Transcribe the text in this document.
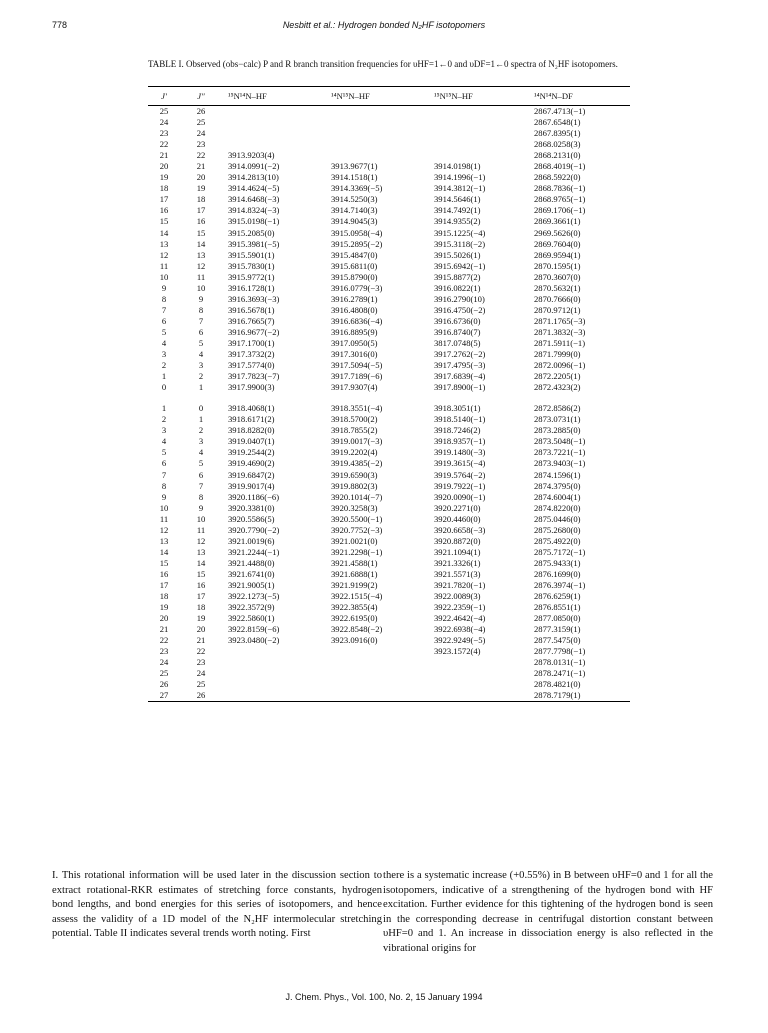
778	Nesbitt et al.: Hydrogen bonded N₂HF isotopomers
TABLE I. Observed (obs−calc) P and R branch transition frequencies for υHF=1←0 and υDF=1←0 spectra of N₂HF isotopomers.
J′	J″	¹⁵N¹⁴N–HF	¹⁴N¹⁵N–HF	¹⁵N¹⁵N–HF	¹⁴N¹⁴N–DF
25	26				2867.4713(−1)
24	25				2867.6548(1)
23	24				2867.8395(1)
22	23				2868.0258(3)
21	22	3913.9203(4)			2868.2131(0)
20	21	3914.0991(−2)	3913.9677(1)	3914.0198(1)	2868.4019(−1)
19	20	3914.2813(10)	3914.1518(1)	3914.1996(−1)	2868.5922(0)
18	19	3914.4624(−5)	3914.3369(−5)	3914.3812(−1)	2868.7836(−1)
17	18	3914.6468(−3)	3914.5250(3)	3914.5646(1)	2868.9765(−1)
16	17	3914.8324(−3)	3914.7140(3)	3914.7492(1)	2869.1706(−1)
15	16	3915.0198(−1)	3914.9045(3)	3914.9355(2)	2869.3661(1)
14	15	3915.2085(0)	3915.0958(−4)	3915.1225(−4)	2969.5626(0)
13	14	3915.3981(−5)	3915.2895(−2)	3915.3118(−2)	2869.7604(0)
12	13	3915.5901(1)	3915.4847(0)	3915.5026(1)	2869.9594(1)
11	12	3915.7830(1)	3915.6811(0)	3915.6942(−1)	2870.1595(1)
10	11	3915.9772(1)	3915.8790(0)	3915.8877(2)	2870.3607(0)
9	10	3916.1728(1)	3916.0779(−3)	3916.0822(1)	2870.5632(1)
8	9	3916.3693(−3)	3916.2789(1)	3916.2790(10)	2870.7666(0)
7	8	3916.5678(1)	3916.4808(0)	3916.4750(−2)	2870.9712(1)
6	7	3916.7665(7)	3916.6836(−4)	3916.6736(0)	2871.1765(−3)
5	6	3916.9677(−2)	3916.8895(9)	3916.8740(7)	2871.3832(−3)
4	5	3917.1700(1)	3917.0950(5)	3817.0748(5)	2871.5911(−1)
3	4	3917.3732(2)	3917.3016(0)	3917.2762(−2)	2871.7999(0)
2	3	3917.5774(0)	3917.5094(−5)	3917.4795(−3)	2872.0096(−1)
1	2	3917.7823(−7)	3917.7189(−6)	3917.6839(−4)	2872.2205(1)
0	1	3917.9900(3)	3917.9307(4)	3917.8900(−1)	2872.4323(2)

1	0	3918.4068(1)	3918.3551(−4)	3918.3051(1)	2872.8586(2)
2	1	3918.6171(2)	3918.5700(2)	3918.5140(−1)	2873.0731(1)
3	2	3918.8282(0)	3918.7855(2)	3918.7246(2)	2873.2885(0)
4	3	3919.0407(1)	3919.0017(−3)	3918.9357(−1)	2873.5048(−1)
5	4	3919.2544(2)	3919.2202(4)	3919.1480(−3)	2873.7221(−1)
6	5	3919.4690(2)	3919.4385(−2)	3919.3615(−4)	2873.9403(−1)
7	6	3919.6847(2)	3919.6590(3)	3919.5764(−2)	2874.1596(1)
8	7	3919.9017(4)	3919.8802(3)	3919.7922(−1)	2874.3795(0)
9	8	3920.1186(−6)	3920.1014(−7)	3920.0090(−1)	2874.6004(1)
10	9	3920.3381(0)	3920.3258(3)	3920.2271(0)	2874.8220(0)
11	10	3920.5586(5)	3920.5500(−1)	3920.4460(0)	2875.0446(0)
12	11	3920.7790(−2)	3920.7752(−3)	3920.6658(−3)	2875.2680(0)
13	12	3921.0019(6)	3921.0021(0)	3920.8872(0)	2875.4922(0)
14	13	3921.2244(−1)	3921.2298(−1)	3921.1094(1)	2875.7172(−1)
15	14	3921.4488(0)	3921.4588(1)	3921.3326(1)	2875.9433(1)
16	15	3921.6741(0)	3921.6888(1)	3921.5571(3)	2876.1699(0)
17	16	3921.9005(1)	3921.9199(2)	3921.7820(−1)	2876.3974(−1)
18	17	3922.1273(−5)	3922.1515(−4)	3922.0089(3)	2876.6259(1)
19	18	3922.3572(9)	3922.3855(4)	3922.2359(−1)	2876.8551(1)
20	19	3922.5860(1)	3922.6195(0)	3922.4642(−4)	2877.0850(0)
21	20	3922.8159(−6)	3922.8548(−2)	3922.6938(−4)	2877.3159(1)
22	21	3923.0480(−2)	3923.0916(0)	3922.9249(−5)	2877.5475(0)
23	22			3923.1572(4)	2877.7798(−1)
24	23				2878.0131(−1)
25	24				2878.2471(−1)
26	25				2878.4821(0)
27	26				2878.7179(1)
I. This rotational information will be used later in the discussion section to extract rotational-RKR estimates of stretching force constants, hydrogen bond lengths, and bond energies for this series of isotopomers, and hence assess the validity of a 1D model of the N₂HF intermolecular stretching potential. Table II indicates several trends worth noting. First
there is a systematic increase (+0.55%) in B between υHF=0 and 1 for all the isotopomers, indicative of a strengthening of the hydrogen bond with HF excitation. Further evidence for this tightening of the hydrogen bond is seen in the corresponding decrease in centrifugal distortion constant between υHF=0 and 1. An increase in dissociation energy is also reflected in the vibrational origins for
J. Chem. Phys., Vol. 100, No. 2, 15 January 1994
